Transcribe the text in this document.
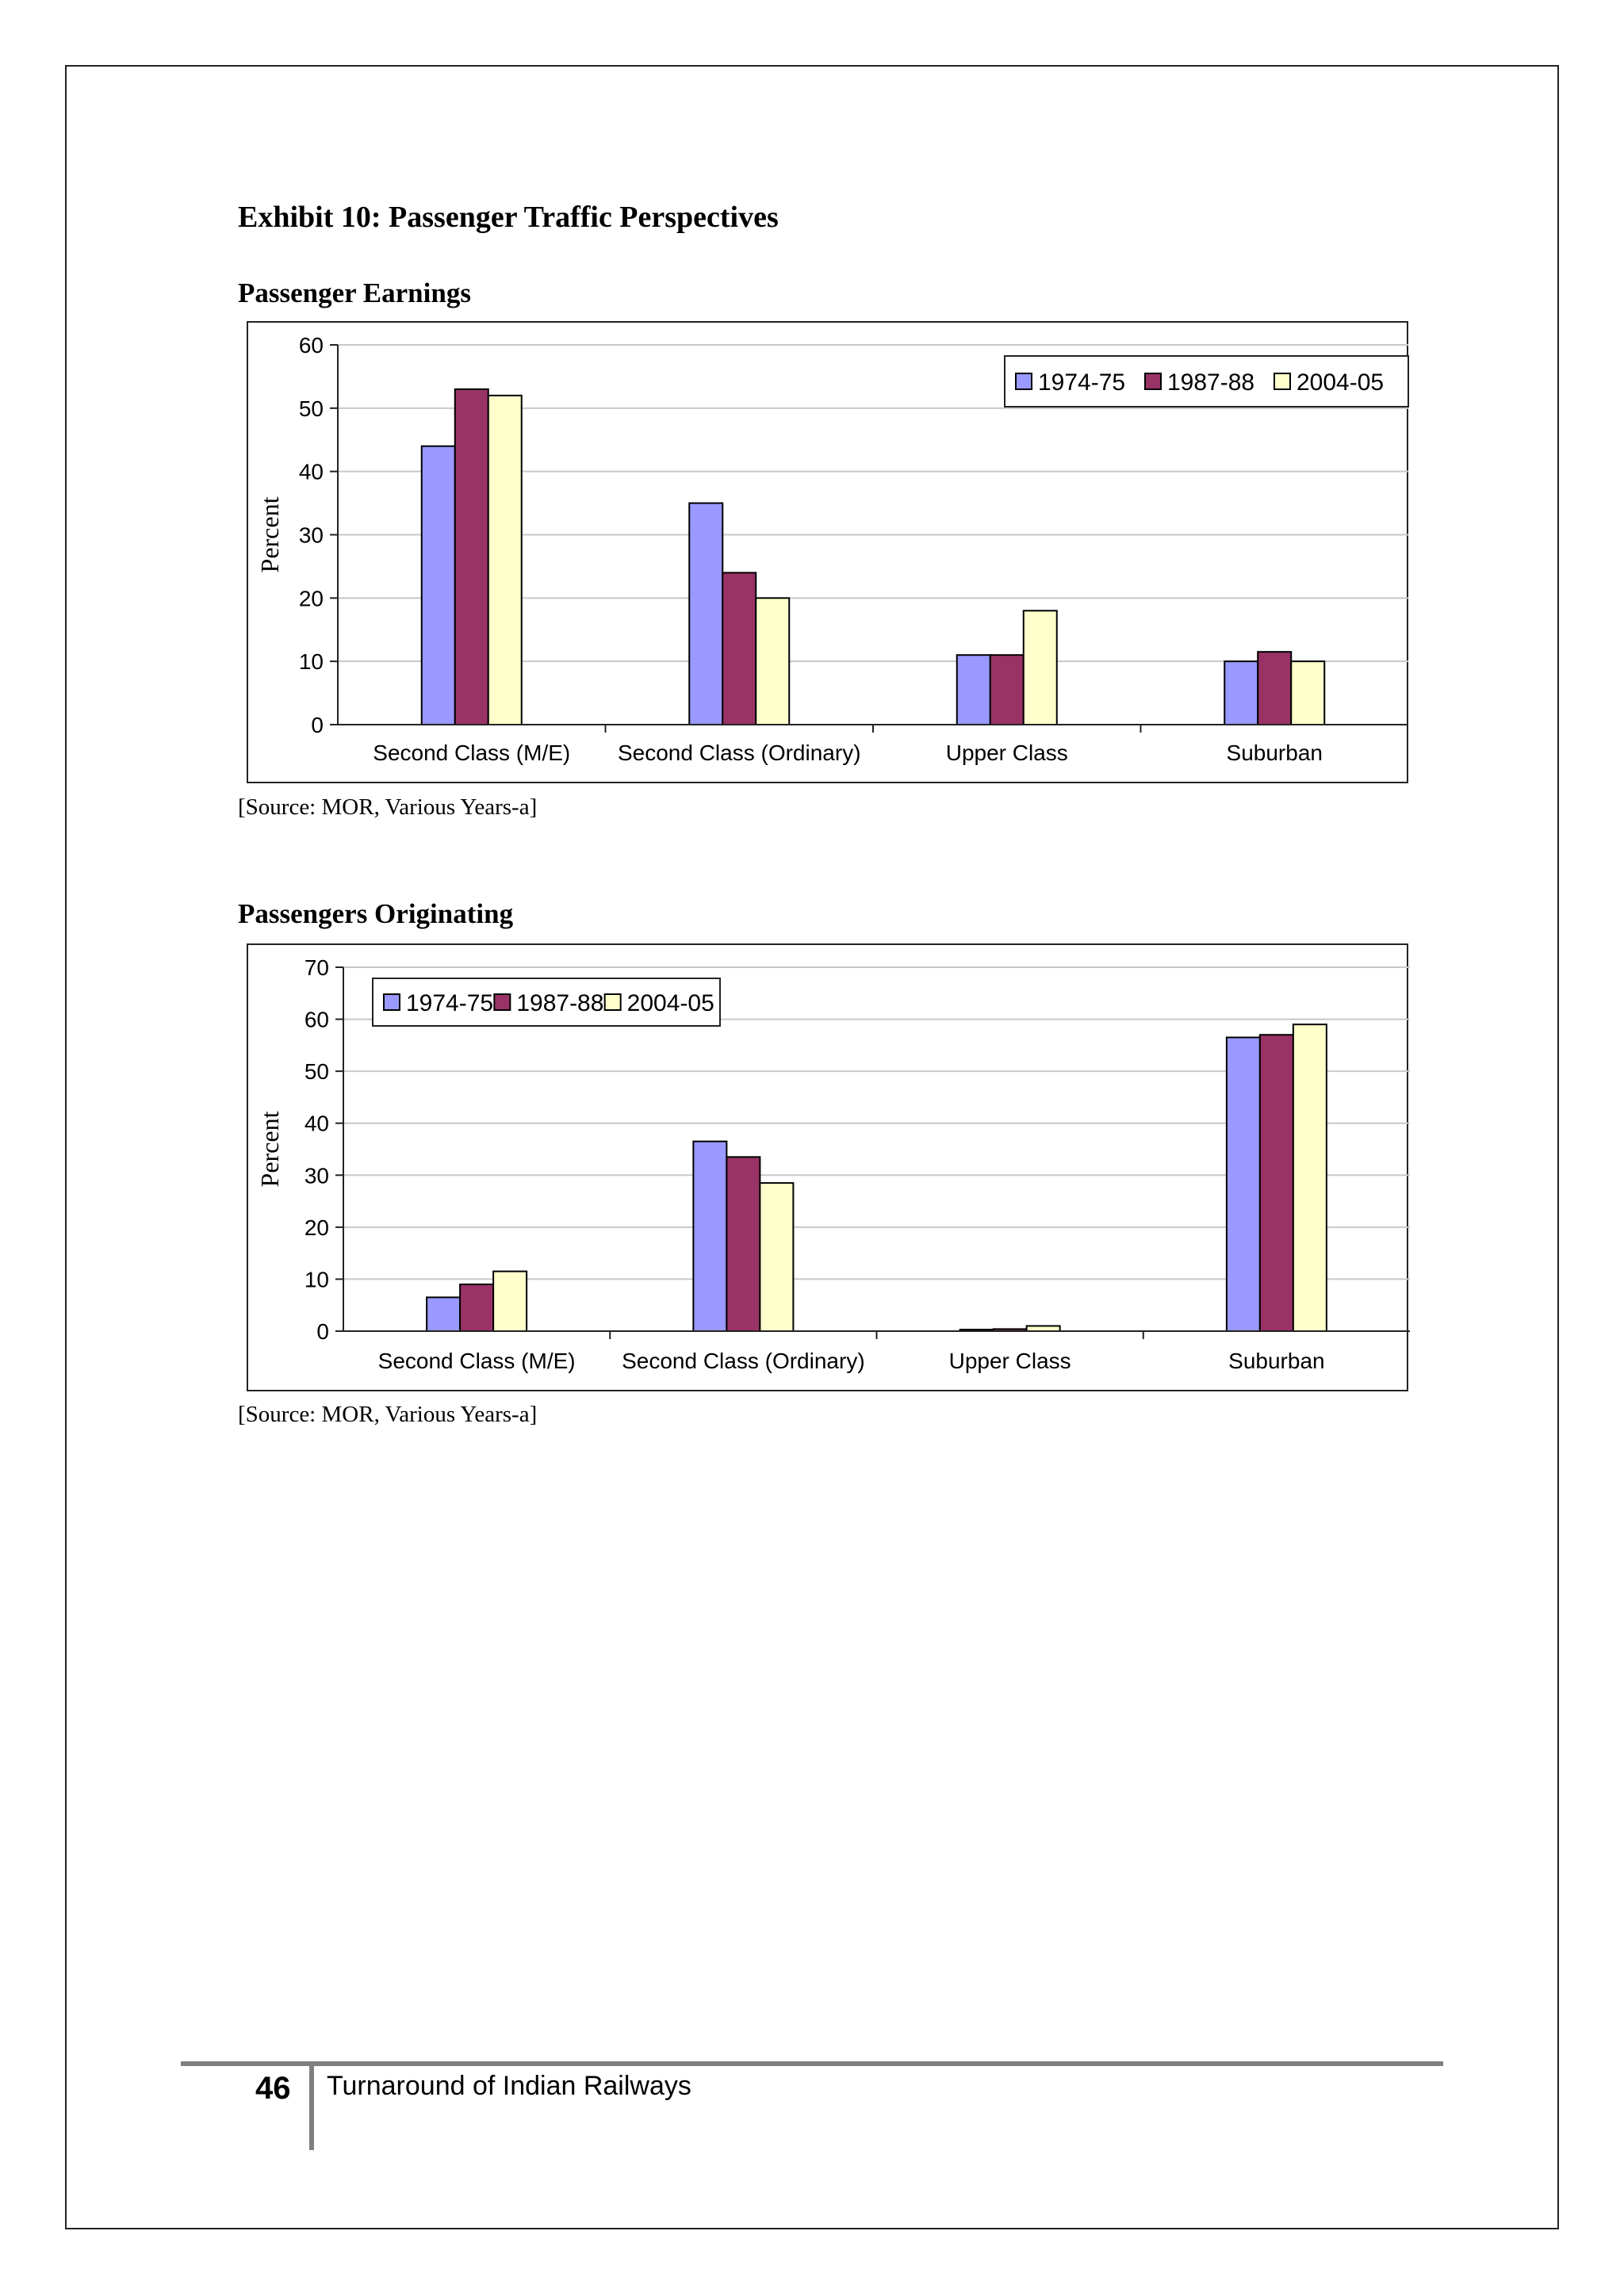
Exhibit 10: Passenger Traffic Perspectives
Passenger Earnings
0
10
20
30
40
50
60
Percent
Second Class (M/E) Second Class (Ordinary)	Upper Class	Suburban
1974-75 1987-88 2004-05
[Source: MOR, Various Years-a]
Passengers Originating
0
10
20
30
40
50
60
70
Percent
Second Class (M/E) Second Class (Ordinary)	Upper Class	Suburban
1974-75 1987-88 2004-05
[Source: MOR, Various Years-a]
46 Turnaround of Indian Railways
